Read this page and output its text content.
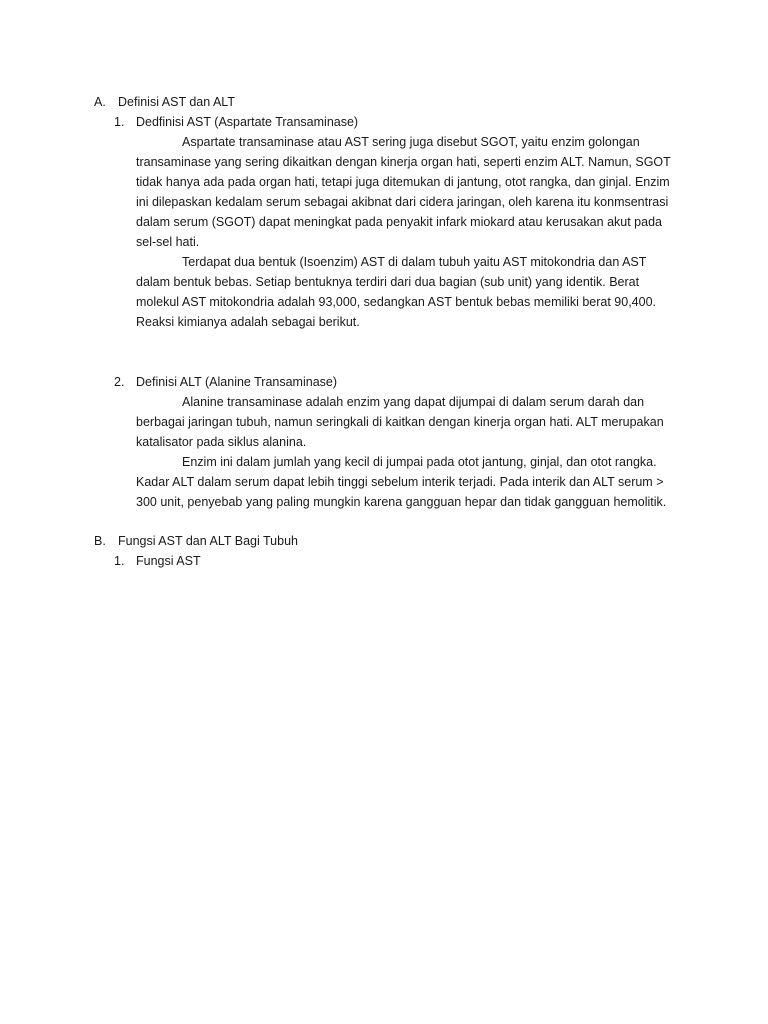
A. Definisi AST dan ALT
1. Dedfinisi AST (Aspartate Transaminase)

Aspartate transaminase atau AST sering juga disebut SGOT, yaitu enzim golongan transaminase yang sering dikaitkan dengan kinerja organ hati, seperti enzim ALT. Namun, SGOT tidak hanya ada pada organ hati, tetapi juga ditemukan di jantung, otot rangka, dan ginjal. Enzim ini dilepaskan kedalam serum sebagai akibnat dari cidera jaringan, oleh karena itu konmsentrasi dalam serum (SGOT) dapat meningkat pada penyakit infark miokard atau kerusakan akut pada sel-sel hati.

Terdapat dua bentuk (Isoenzim) AST di dalam tubuh yaitu AST mitokondria dan AST dalam bentuk bebas. Setiap bentuknya terdiri dari dua bagian (sub unit) yang identik. Berat molekul AST mitokondria adalah 93,000, sedangkan AST bentuk bebas memiliki berat 90,400. Reaksi kimianya adalah sebagai berikut.

2. Definisi ALT (Alanine Transaminase)

Alanine transaminase adalah enzim yang dapat dijumpai di dalam serum darah dan berbagai jaringan tubuh, namun seringkali di kaitkan dengan kinerja organ hati. ALT merupakan katalisator pada siklus alanina.

Enzim ini dalam jumlah yang kecil di jumpai pada otot jantung, ginjal, dan otot rangka. Kadar ALT dalam serum dapat lebih tinggi sebelum interik terjadi. Pada interik dan ALT serum > 300 unit, penyebab yang paling mungkin karena gangguan hepar dan tidak gangguan hemolitik.

B. Fungsi AST dan ALT Bagi Tubuh
1. Fungsi AST
